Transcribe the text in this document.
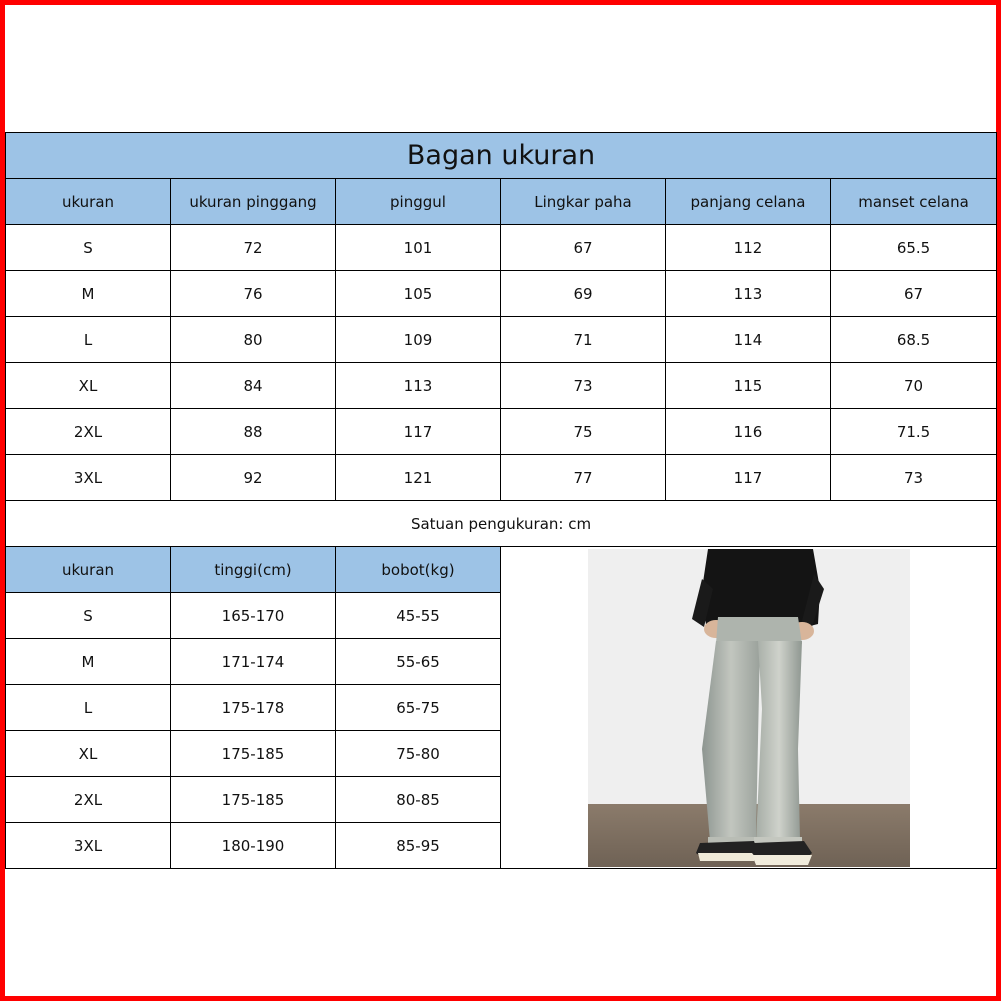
Bagan ukuran					
ukuran	ukuran pinggang	pinggul	Lingkar paha	panjang celana	manset celana
S	72	101	67	112	65.5
M	76	105	69	113	67
L	80	109	71	114	68.5
XL	84	113	73	115	70
2XL	88	117	75	116	71.5
3XL	92	121	77	117	73
Satuan pengukuran: cm					
ukuran	tinggi(cm)	bobot(kg)	

S	165-170	45-55			
M	171-174	55-65			
L	175-178	65-75			
XL	175-185	75-80			
2XL	175-185	80-85			
3XL	180-190	85-95			
